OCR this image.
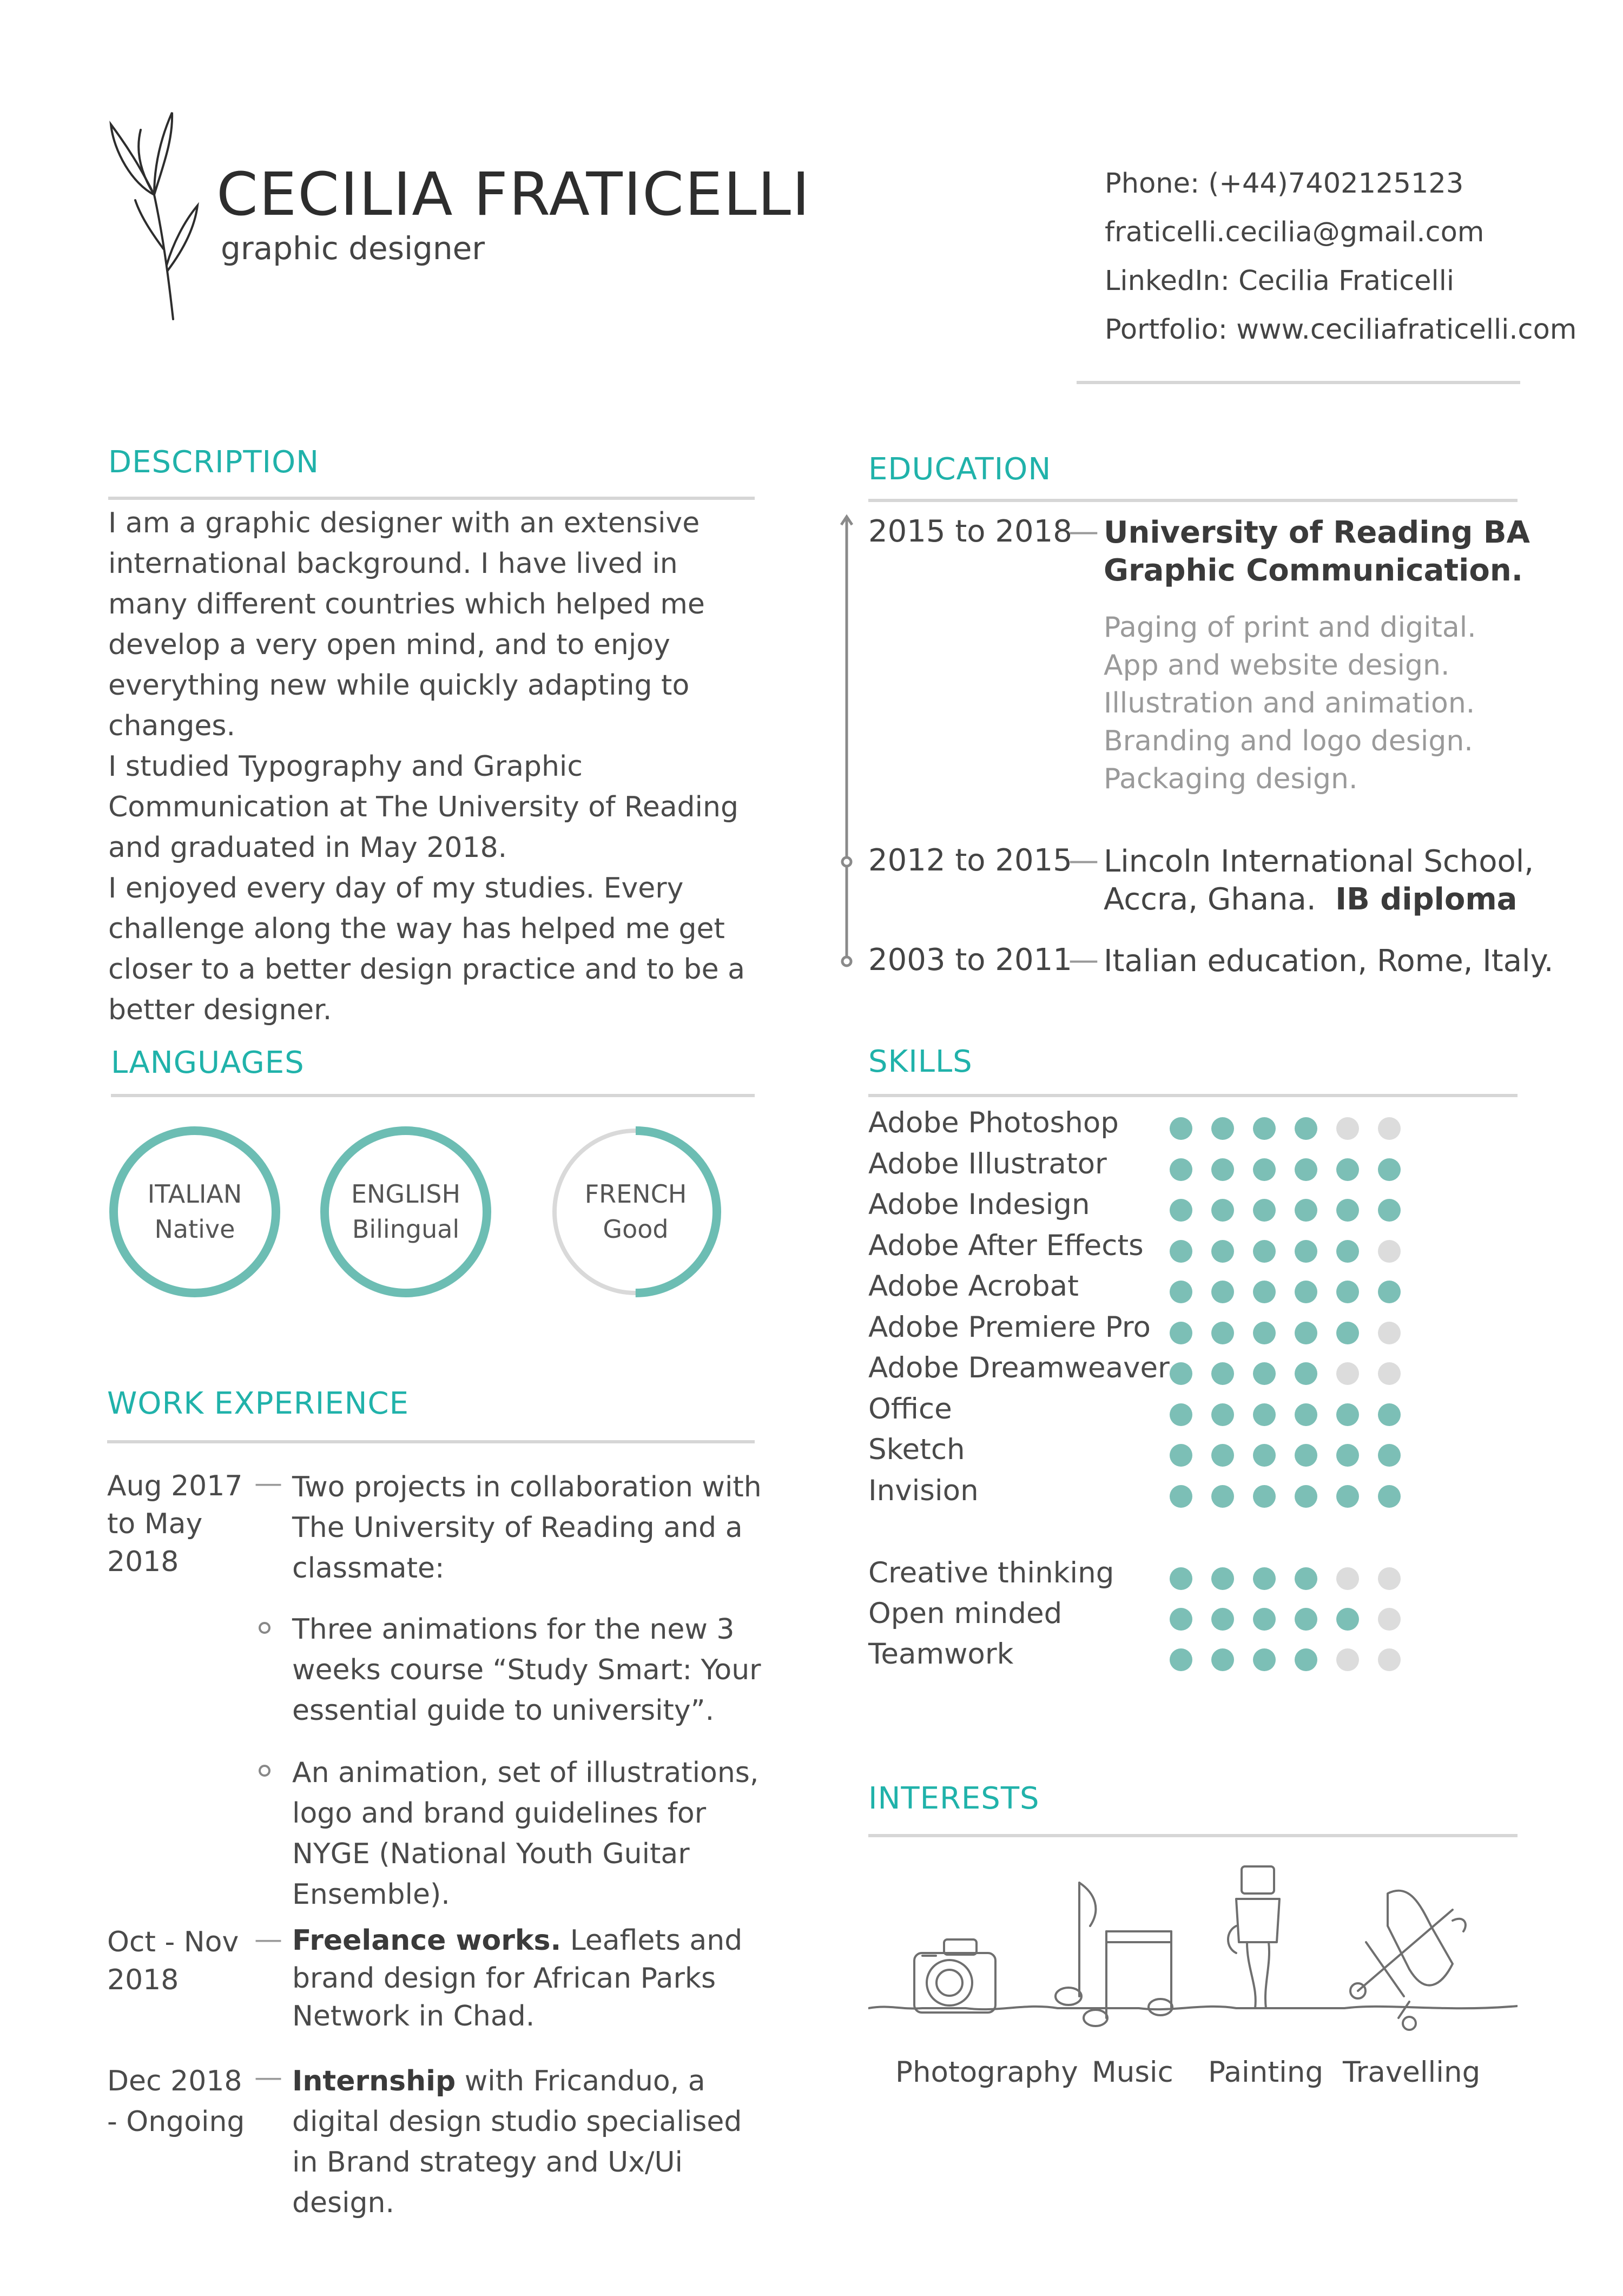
CECILIA FRATICELLI
graphic designer
Phone: (+44)7402125123
fraticelli.cecilia@gmail.com
LinkedIn: Cecilia Fraticelli
Portfolio: www.ceciliafraticelli.com
DESCRIPTION

I am a graphic designer with an extensive international background. I have lived in many different countries which helped me develop a very open mind, and to enjoy everything new while quickly adapting to changes.

I studied Typography and Graphic Communication at The University of Reading and graduated in May 2018.

I enjoyed every day of my studies. Every challenge along the way has helped me get closer to a better design practice and to be a better designer.

EDUCATION
2015 to 2018
— University of Reading BA
Graphic Communication.
Paging of print and digital.
App and website design.
Illustration and animation.
Branding and logo design.
Packaging design.
2012 to 2015
— Lincoln International School,
Accra, Ghana.  IB diploma
2003 to 2011
— Italian education, Rome, Italy.
LANGUAGES
ITALIAN
Native
ENGLISH
Bilingual
FRENCH
Good
WORK EXPERIENCE
Aug 2017
to May
2018
— Two projects in collaboration with The University of Reading and a classmate:
Three animations for the new 3 weeks course “Study Smart: Your essential guide to university”.
An animation, set of illustrations, logo and brand guidelines for NYGE (National Youth Guitar Ensemble).
Oct - Nov
2018
— Freelance works. Leaflets and brand design for African Parks Network in Chad.
Dec 2018
- Ongoing
— Internship with Fricanduo, a digital design studio specialised in Brand strategy and Ux/Ui design.
SKILLS
Adobe Photoshop
Adobe Illustrator
Adobe Indesign
Adobe After Effects
Adobe Acrobat
Adobe Premiere Pro
Adobe Dreamweaver
Office
Sketch
Invision
Creative thinking
Open minded
Teamwork
INTERESTS
Photography Music Painting Travelling
